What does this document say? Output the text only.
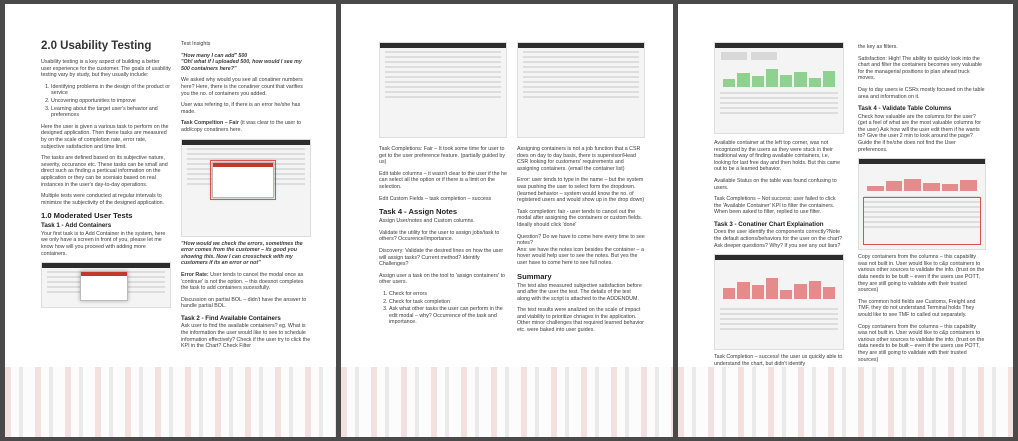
2.0 Usability Testing

Usability testing is a key aspect of building a better user experience for the customer. The goals of usability testing vary by study, but they usually include:

1. Identifying problems in the design of the product or service
2. Uncovering opportunities to improve
3. Learning about the target user's behavior and preferences

Here the user is given a various task to perform on the designed application. Then these tasks are measured by on the scale of completion rate, error rate, subjective satisfaction and time limit.

The tasks are defined based on its subjective nature, severity, occurance etc. These tasks can be small and direct such as finding a perticual information on the application or they can be sceniaio based on real instances in the user's day-to-day operations.

Multiple tests were conducted at regular intervals to minimize the subjectivity of the designed application.

1.0 Moderated User Tests
Task 1 - Add Containers

Your first task is to Add Container in the system, here we only have a screen in front of you, please let me know how will you proceed with adding more containers.

Test Insights

"How many I can add" 500
"Oh! what if I uploaded 500, how would I see my 500 containers here?"

We asked why would you see all conatiner numbers here? Here, there is the conatiner count that varifies you the no. of containers you added.

User was refering to, if there is an error he/she has made.

Task Compeltion – Fair (it was clear to the user to add/copy conatiners here.

"How would we check the errors, sometimes the error comes from the customer – its good you showing this. Now I can crosscheck with my customers if its an error or not"

Error Rate: User tends to cancel the modal once as 'continue' is not the option. – this doesnot completes the task to add containers sucessfully.

Discussion on partial BOL – didn't have the answer to handle partial BOL.

Task 2 - Find Available Containers

Ask user to find the available containers? eg. What is the information the user would like to see to schedule information effectively? Check if the user try to click the KPI in the Chart? Check Filter

Task Completions: Fair – It took some time for user to get to the user preference feature. (partially guided by us)

Edit table columns – it wasn't clear to the user if the he can select all the option or if there is a limit on the selection.

Edit Custom Fields – task completion – success

Task 4 - Assign Notes

Assign User/notes and Custom columns.

Validate the utility for the user to assign jobs/task to others? Occurence/Importance.

Discovery: Validate the desired lines on how the user will assign tasks? Current method? Identify Challenges?

Assign user a task on the tool to 'assign containers' to other users.

1. Check for errors
2. Check for task completion
3. Ask what other tasks the user can perform in the edit modal – why? Occurrence of the task and importance.

Assigning containers is not a job function that a CSR does on day to day basis, there is supervisor/Head CSR looking for customers' requirements and assigning containers. (email the container list)

Error: user tends to type in the name – but the system was pushing the user to select form the dropdown. (learned behavior – system would know the no. of registered users and would show up in the drop down)

Task completion: fair - user tends to cancel out the modal after assigning the containers or custom fields. Ideally should click 'done'

Question? Do we have to come here every time to see notes?
Ans: we have the notes icon besides the container – a hover would help user to see the notes. But yes the user have to come here to see full notes.

Summary

The test also measured subjective satisfaction before and after the user the test. The details of the test along with the script is attached to the ADDENDUM.

The test results were analized on the scale of impact and viability to prioritize chnages in the application. Other minor challenges that required learned behavior etc. were baked into user guides.

Available container at the left top corner, was not recognized by the users as they were stuck in their traditional way of finding available containers, i.e, looking for last free day and then holds. But this came out to be a learned behavior.

Available Status on the table was found confusing to users.

Task Completions – Not success: user failed to click the 'Available Container' KPI to filter the containers. When been asked to filter, replied to use filter.

Task 3 - Conatiner Chart Explaination

Does the user identify the components correctly?Note the default actions/behaviors for the user on the chart?Ask deeper questions? Why? If you see any out liars?

Task Completion – success! the user us quickly able to understand the chart, but didn't identify

the key as filters.

Satisfaction: High! The ability to quickly look into the chart and filter the containers becomes very valuable for the managerial positions to plan ahead truck moves.

Day to day users ie CSRs mostly focused on the table area and information on it.

Task 4 - Validate Table Columns

Check how valuable are the columns for the user? (get a feel of what are the most valuable columns for the user) Ask how will the user edit them if he wants to? Give the user 2 min to look around the page? Guide the if he/she does not find the User preferences.

Copy containers from the columns – this capability was not built in. User would like to c&p containers to various other sources to validate the info. (trust on the data needs to be built – even if the users use POTT, they are still going to validate with their trusted sources)

The common hold fields are Customs, Freight and TMF, they do not understand Terminal holds They would like to see TMF to called out separately.

Copy containers from the columns – this capability was not built in. User would like to c&p containers to various other sources to validate the info. (trust on the data needs to be built – even if the users use POTT, they are still going to validate with their trusted sources)
